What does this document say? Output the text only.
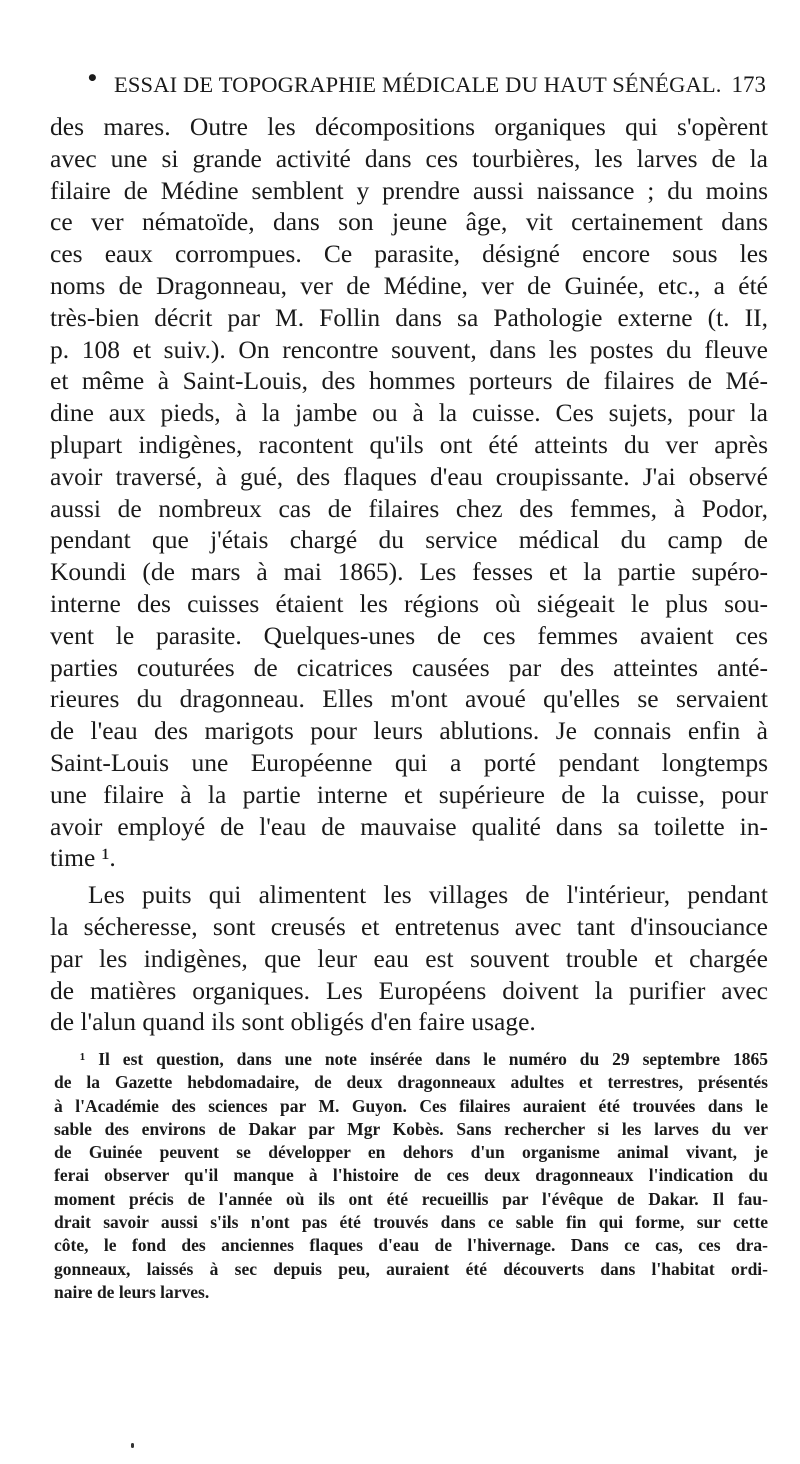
• ESSAI DE TOPOGRAPHIE MÉDICALE DU HAUT SÉNÉGAL. 173
des mares. Outre les décompositions organiques qui s'opèrent
avec une si grande activité dans ces tourbières, les larves de la
filaire de Médine semblent y prendre aussi naissance ; du moins
ce ver nématoïde, dans son jeune âge, vit certainement dans
ces eaux corrompues. Ce parasite, désigné encore sous les
noms de Dragonneau, ver de Médine, ver de Guinée, etc., a été
très-bien décrit par M. Follin dans sa Pathologie externe (t. II,
p. 108 et suiv.). On rencontre souvent, dans les postes du fleuve
et même à Saint-Louis, des hommes porteurs de filaires de Mé-
dine aux pieds, à la jambe ou à la cuisse. Ces sujets, pour la
plupart indigènes, racontent qu'ils ont été atteints du ver après
avoir traversé, à gué, des flaques d'eau croupissante. J'ai observé
aussi de nombreux cas de filaires chez des femmes, à Podor,
pendant que j'étais chargé du service médical du camp de
Koundi (de mars à mai 1865). Les fesses et la partie supéro-
interne des cuisses étaient les régions où siégeait le plus sou-
vent le parasite. Quelques-unes de ces femmes avaient ces
parties couturées de cicatrices causées par des atteintes anté-
rieures du dragonneau. Elles m'ont avoué qu'elles se servaient
de l'eau des marigots pour leurs ablutions. Je connais enfin à
Saint-Louis une Européenne qui a porté pendant longtemps
une filaire à la partie interne et supérieure de la cuisse, pour
avoir employé de l'eau de mauvaise qualité dans sa toilette in-
time ¹.
Les puits qui alimentent les villages de l'intérieur, pendant
la sécheresse, sont creusés et entretenus avec tant d'insouciance
par les indigènes, que leur eau est souvent trouble et chargée
de matières organiques. Les Européens doivent la purifier avec
de l'alun quand ils sont obligés d'en faire usage.
¹ Il est question, dans une note insérée dans le numéro du 29 septembre 1865
de la Gazette hebdomadaire, de deux dragonneaux adultes et terrestres, présentés
à l'Académie des sciences par M. Guyon. Ces filaires auraient été trouvées dans le
sable des environs de Dakar par Mgr Kobès. Sans rechercher si les larves du ver
de Guinée peuvent se développer en dehors d'un organisme animal vivant, je
ferai observer qu'il manque à l'histoire de ces deux dragonneaux l'indication du
moment précis de l'année où ils ont été recueillis par l'évêque de Dakar. Il fau-
drait savoir aussi s'ils n'ont pas été trouvés dans ce sable fin qui forme, sur cette
côte, le fond des anciennes flaques d'eau de l'hivernage. Dans ce cas, ces dra-
gonneaux, laissés à sec depuis peu, auraient été découverts dans l'habitat ordi-
naire de leurs larves.
